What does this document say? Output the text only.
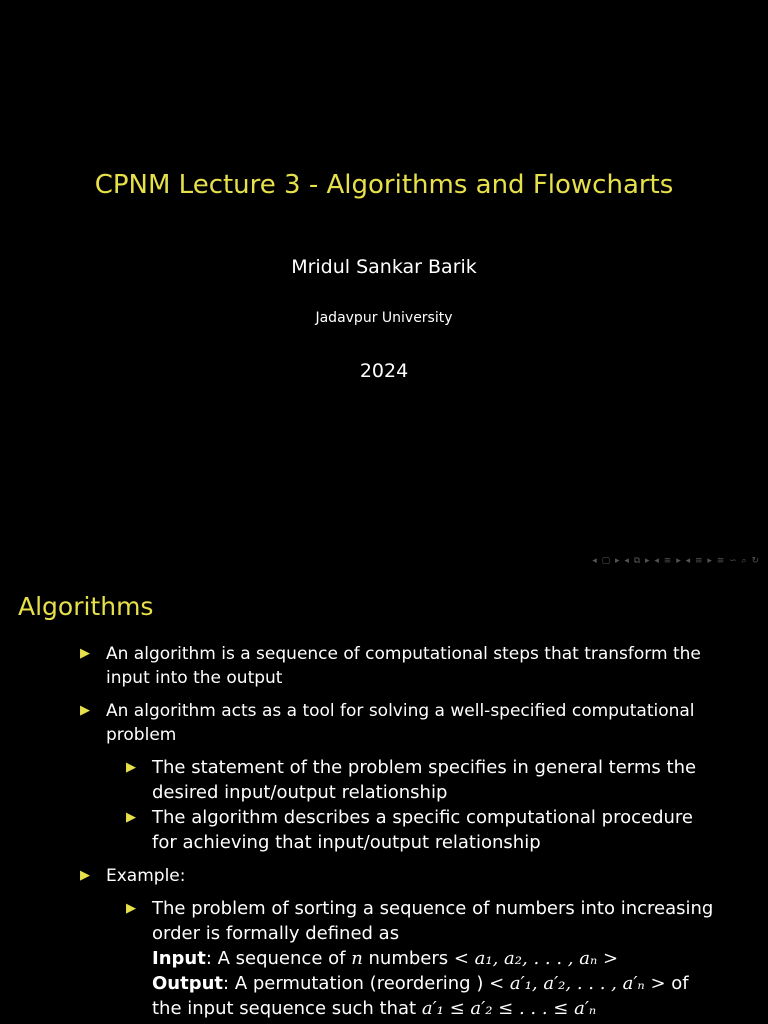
CPNM Lecture 3 - Algorithms and Flowcharts
Mridul Sankar Barik
Jadavpur University
2024
◂ ▢ ▸ ◂ ⧉ ▸ ◂ ≡ ▸ ◂ ≡ ▸ ≡ ∽ ⌕ ↻
Algorithms
▶ An algorithm is a sequence of computational steps that transform the input into the output
▶ An algorithm acts as a tool for solving a well-specified computational problem
▶ The statement of the problem specifies in general terms the desired input/output relationship
▶ The algorithm describes a specific computational procedure for achieving that input/output relationship
▶ Example:
▶ The problem of sorting a sequence of numbers into increasing order is formally defined as
Input: A sequence of n numbers < a₁, a₂, . . . , aₙ >
Output: A permutation (reordering ) < a′₁, a′₂, . . . , a′ₙ > of the input sequence such that a′₁ ≤ a′₂ ≤ . . . ≤ a′ₙ
